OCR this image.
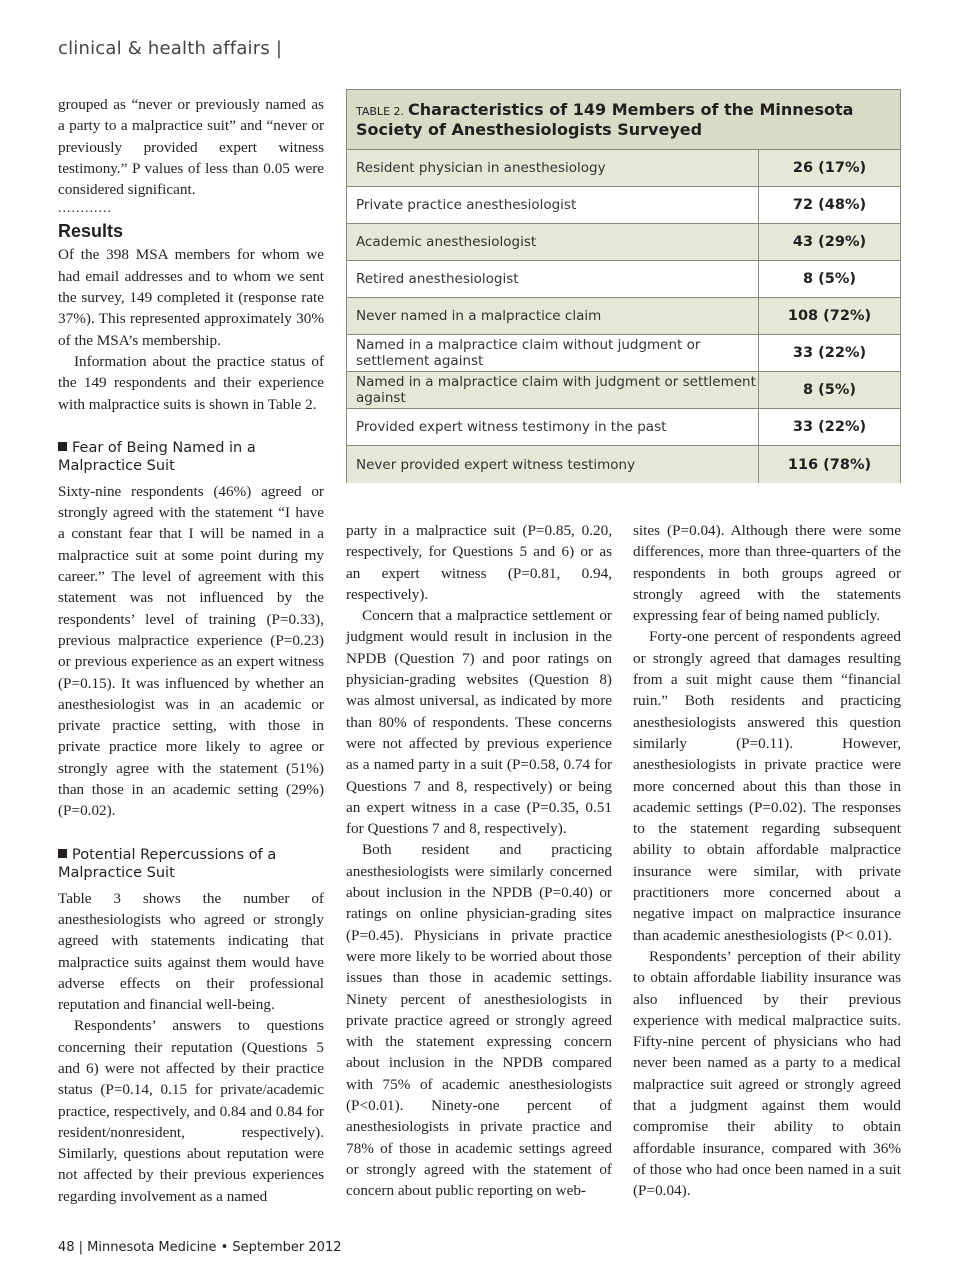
clinical & health affairs |

grouped as “never or previously named as a party to a malpractice suit” and “never or previously provided expert witness testimony.” P values of less than 0.05 were considered significant.

............
Results

Of the 398 MSA members for whom we had email addresses and to whom we sent the survey, 149 completed it (response rate 37%). This represented approximately 30% of the MSA’s membership.

Information about the practice status of the 149 respondents and their experience with malpractice suits is shown in Table 2.

Fear of Being Named in a Malpractice Suit

Sixty-nine respondents (46%) agreed or strongly agreed with the statement “I have a constant fear that I will be named in a malpractice suit at some point during my career.” The level of agreement with this statement was not influenced by the respondents’ level of training (P=0.33), previous malpractice experience (P=0.23) or previous experience as an expert witness (P=0.15). It was influenced by whether an anesthesiologist was in an academic or private practice setting, with those in private practice more likely to agree or strongly agree with the statement (51%) than those in an academic setting (29%) (P=0.02).

Potential Repercussions of a Malpractice Suit

Table 3 shows the number of anesthesiologists who agreed or strongly agreed with statements indicating that malpractice suits against them would have adverse effects on their professional reputation and financial well-being.

Respondents’ answers to questions concerning their reputation (Questions 5 and 6) were not affected by their practice status (P=0.14, 0.15 for private/academic practice, respectively, and 0.84 and 0.84 for resident/nonresident, respectively). Similarly, questions about reputation were not affected by their previous experiences regarding involvement as a named

TABLE 2. Characteristics of 149 Members of the Minnesota Society of Anesthesiologists Surveyed
Resident physician in anesthesiology	26 (17%)
Private practice anesthesiologist	72 (48%)
Academic anesthesiologist	43 (29%)
Retired anesthesiologist	8 (5%)
Never named in a malpractice claim	108 (72%)
Named in a malpractice claim without judgment or settlement against	33 (22%)
Named in a malpractice claim with judgment or settlement against	8 (5%)
Provided expert witness testimony in the past	33 (22%)
Never provided expert witness testimony	116 (78%)

party in a malpractice suit (P=0.85, 0.20, respectively, for Questions 5 and 6) or as an expert witness (P=0.81, 0.94, respectively).

Concern that a malpractice settlement or judgment would result in inclusion in the NPDB (Question 7) and poor ratings on physician-grading websites (Question 8) was almost universal, as indicated by more than 80% of respondents. These concerns were not affected by previous experience as a named party in a suit (P=0.58, 0.74 for Questions 7 and 8, respectively) or being an expert witness in a case (P=0.35, 0.51 for Questions 7 and 8, respectively).

Both resident and practicing anesthesiologists were similarly concerned about inclusion in the NPDB (P=0.40) or ratings on online physician-grading sites (P=0.45). Physicians in private practice were more likely to be worried about those issues than those in academic settings. Ninety percent of anesthesiologists in private practice agreed or strongly agreed with the statement expressing concern about inclusion in the NPDB compared with 75% of academic anesthesiologists (P<0.01). Ninety-one percent of anesthesiologists in private practice and 78% of those in academic settings agreed or strongly agreed with the statement of concern about public reporting on web-

sites (P=0.04). Although there were some differences, more than three-quarters of the respondents in both groups agreed or strongly agreed with the statements expressing fear of being named publicly.

Forty-one percent of respondents agreed or strongly agreed that damages resulting from a suit might cause them “financial ruin.” Both residents and practicing anesthesiologists answered this question similarly (P=0.11). However, anesthesiologists in private practice were more concerned about this than those in academic settings (P=0.02). The responses to the statement regarding subsequent ability to obtain affordable malpractice insurance were similar, with private practitioners more concerned about a negative impact on malpractice insurance than academic anesthesiologists (P< 0.01).

Respondents’ perception of their ability to obtain affordable liability insurance was also influenced by their previous experience with medical malpractice suits. Fifty-nine percent of physicians who had never been named as a party to a medical malpractice suit agreed or strongly agreed that a judgment against them would compromise their ability to obtain affordable insurance, compared with 36% of those who had once been named in a suit (P=0.04).

48 | Minnesota Medicine • September 2012
